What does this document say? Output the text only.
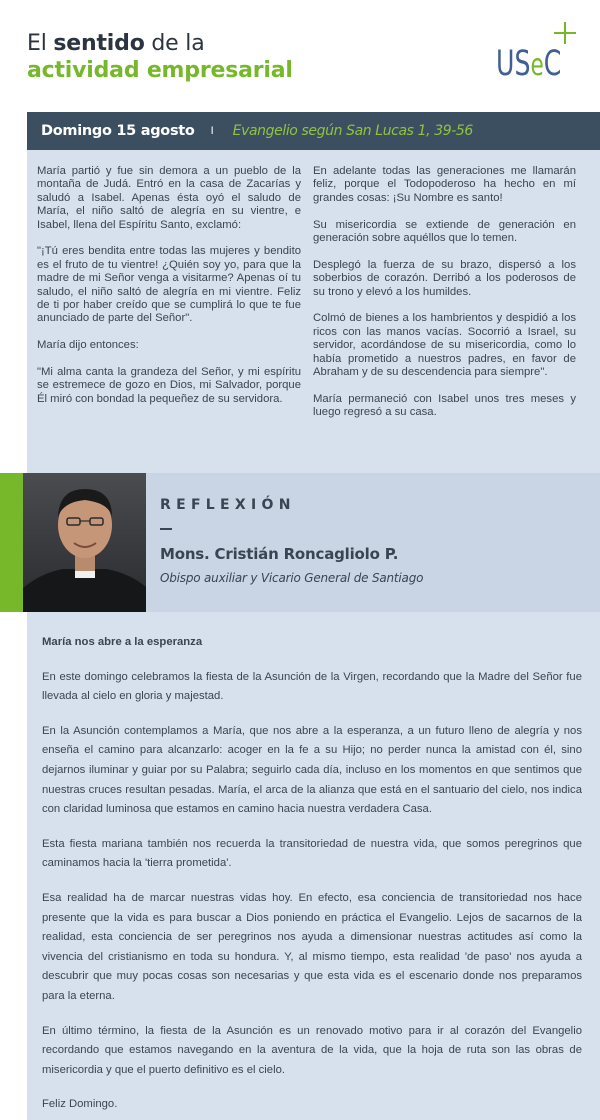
El sentido de la
actividad empresarial	USeC
Domingo 15 agosto I Evangelio según San Lucas 1, 39-56

María partió y fue sin demora a un pueblo de la montaña de Judá. Entró en la casa de Zacarías y saludó a Isabel. Apenas ésta oyó el saludo de María, el niño saltó de alegría en su vientre, e Isabel, llena del Espíritu Santo, exclamó:

"¡Tú eres bendita entre todas las mujeres y bendito es el fruto de tu vientre! ¿Quién soy yo, para que la madre de mi Señor venga a visitarme? Apenas oí tu saludo, el niño saltó de alegría en mi vientre. Feliz de ti por haber creído que se cumplirá lo que te fue anunciado de parte del Señor".

María dijo entonces:

"Mi alma canta la grandeza del Señor, y mi espíritu se estremece de gozo en Dios, mi Salvador, porque Él miró con bondad la pequeñez de su servidora.

En adelante todas las generaciones me llamarán feliz, porque el Todopoderoso ha hecho en mí grandes cosas: ¡Su Nombre es santo!

Su misericordia se extiende de generación en generación sobre aquéllos que lo temen.

Desplegó la fuerza de su brazo, dispersó a los soberbios de corazón. Derribó a los poderosos de su trono y elevó a los humildes.

Colmó de bienes a los hambrientos y despidió a los ricos con las manos vacías. Socorrió a Israel, su servidor, acordándose de su misericordia, como lo había prometido a nuestros padres, en favor de Abraham y de su descendencia para siempre".

María permaneció con Isabel unos tres meses y luego regresó a su casa.

REFLEXIÓN
Mons. Cristián Roncagliolo P.
Obispo auxiliar y Vicario General de Santiago
María nos abre a la esperanza

En este domingo celebramos la fiesta de la Asunción de la Virgen, recordando que la Madre del Señor fue llevada al cielo en gloria y majestad.

En la Asunción contemplamos a María, que nos abre a la esperanza, a un futuro lleno de alegría y nos enseña el camino para alcanzarlo: acoger en la fe a su Hijo; no perder nunca la amistad con él, sino dejarnos iluminar y guiar por su Palabra; seguirlo cada día, incluso en los momentos en que sentimos que nuestras cruces resultan pesadas. María, el arca de la alianza que está en el santuario del cielo, nos indica con claridad luminosa que estamos en camino hacia nuestra verdadera Casa.

Esta fiesta mariana también nos recuerda la transitoriedad de nuestra vida, que somos peregrinos que caminamos hacia la 'tierra prometida'.

Esa realidad ha de marcar nuestras vidas hoy. En efecto, esa conciencia de transitoriedad nos hace presente que la vida es para buscar a Dios poniendo en práctica el Evangelio. Lejos de sacarnos de la realidad, esta conciencia de ser peregrinos nos ayuda a dimensionar nuestras actitudes así como la vivencia del cristianismo en toda su hondura. Y, al mismo tiempo, esta realidad 'de paso' nos ayuda a descubrir que muy pocas cosas son necesarias y que esta vida es el escenario donde nos preparamos para la eterna.

En último término, la fiesta de la Asunción es un renovado motivo para ir al corazón del Evangelio recordando que estamos navegando en la aventura de la vida, que la hoja de ruta son las obras de misericordia y que el puerto definitivo es el cielo.

Feliz Domingo.
